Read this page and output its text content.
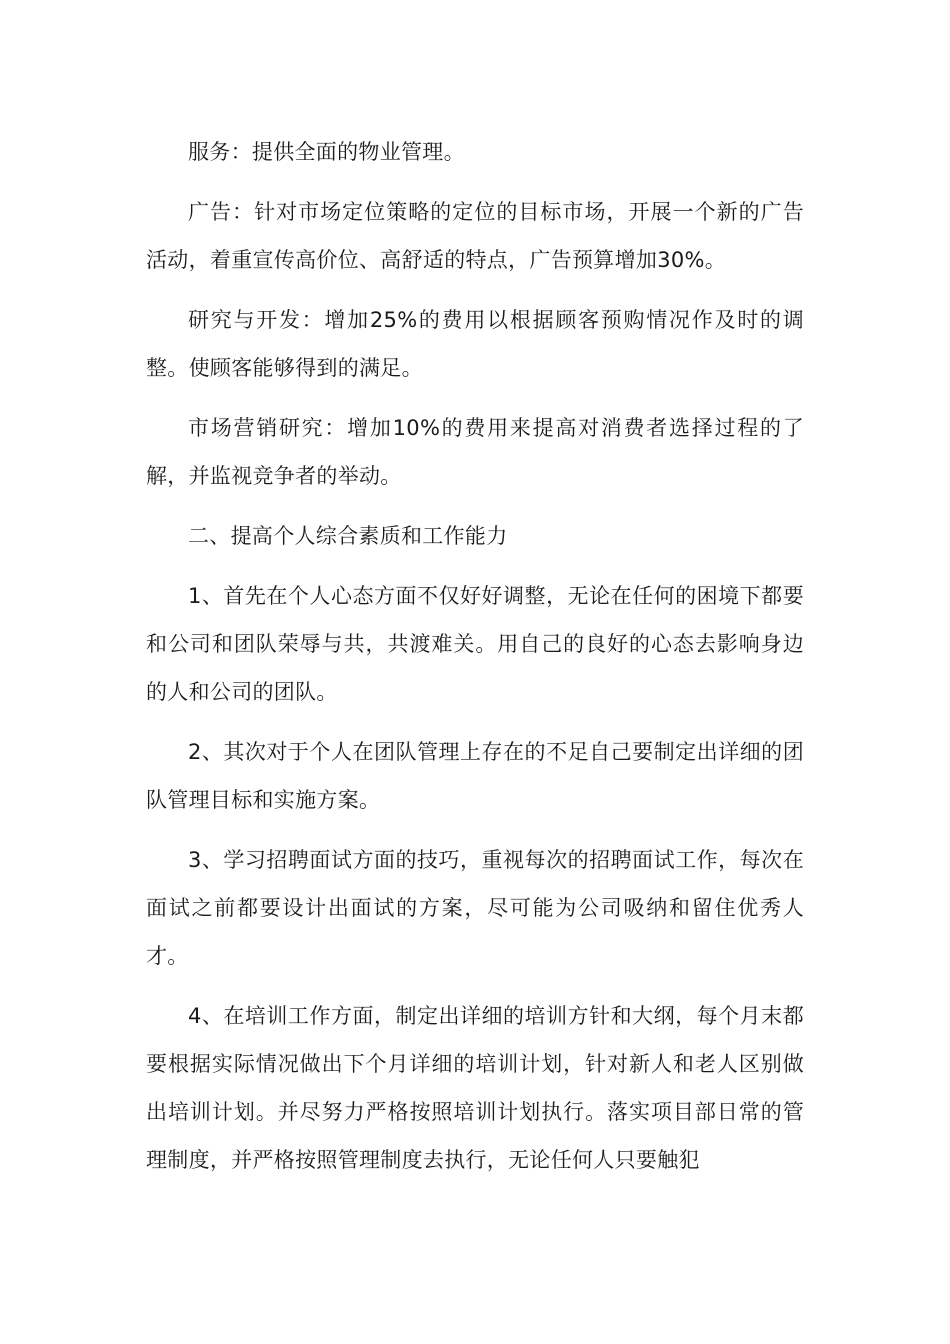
服务：提供全面的物业管理。

广告：针对市场定位策略的定位的目标市场，开展一个新的广告活动，着重宣传高价位、高舒适的特点，广告预算增加30%。

研究与开发：增加25%的费用以根据顾客预购情况作及时的调整。使顾客能够得到的满足。

市场营销研究：增加10%的费用来提高对消费者选择过程的了解，并监视竞争者的举动。

二、提高个人综合素质和工作能力

1、首先在个人心态方面不仅好好调整，无论在任何的困境下都要和公司和团队荣辱与共，共渡难关。用自己的良好的心态去影响身边的人和公司的团队。

2、其次对于个人在团队管理上存在的不足自己要制定出详细的团队管理目标和实施方案。

3、学习招聘面试方面的技巧，重视每次的招聘面试工作，每次在面试之前都要设计出面试的方案，尽可能为公司吸纳和留住优秀人才。

4、在培训工作方面，制定出详细的培训方针和大纲，每个月末都要根据实际情况做出下个月详细的培训计划，针对新人和老人区别做出培训计划。并尽努力严格按照培训计划执行。落实项目部日常的管理制度，并严格按照管理制度去执行，无论任何人只要触犯
